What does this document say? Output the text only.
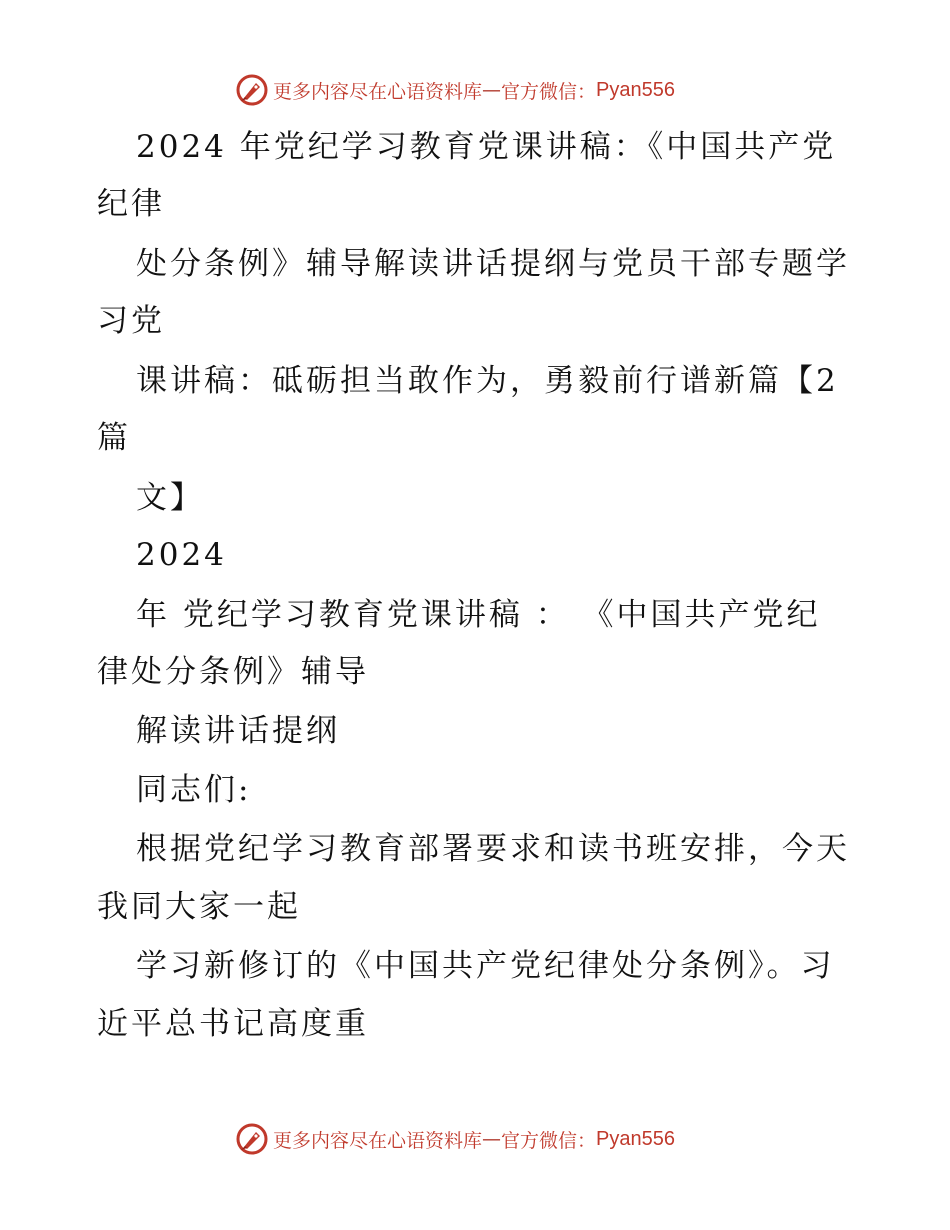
更多内容尽在心语资料库 — 官方微信： Pyan556
2024 年党纪学习教育党课讲稿：《中国共产党
纪律
处分条例》辅导解读讲话提纲与党员干部专题学
习党
课讲稿：砥砺担当敢作为，勇毅前行谱新篇【2
篇
文】
2024
年 党纪学习教育党课讲稿 ： 《中国共产党纪
律处分条例》辅导
解读讲话提纲
同志们:
根据党纪学习教育部署要求和读书班安排，今天
我同大家一起
学习新修订的《中国共产党纪律处分条例》。习
近平总书记高度重
更多内容尽在心语资料库 — 官方微信： Pyan556
